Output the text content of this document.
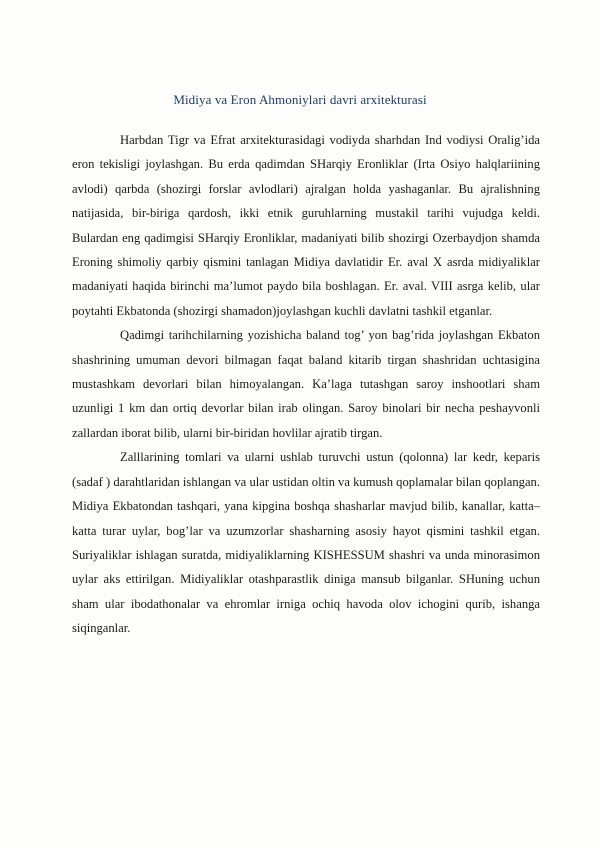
Midiya va Eron Ahmoniylari davri arxitekturasi

Harbdan Tigr va Efrat arxitekturasidagi vodiyda sharhdan Ind vodiysi Oralig’ida eron tekisligi joylashgan. Bu erda qadimdan SHarqiy Eronliklar (Irta Osiyo halqlariining avlodi) qarbda (shozirgi forslar avlodlari) ajralgan holda yashaganlar. Bu ajralishning natijasida, bir-biriga qardosh, ikki etnik guruhlarning mustakil tarihi vujudga keldi. Bulardan eng qadimgisi SHarqiy Eronliklar, madaniyati bilib shozirgi Ozerbaydjon shamda Eroning shimoliy qarbiy qismini tanlagan Midiya davlatidir Er. aval X asrda midiyaliklar madaniyati haqida birinchi ma’lumot paydo bila boshlagan. Er. aval. VIII asrga kelib, ular poytahti Ekbatonda (shozirgi shamadon)joylashgan kuchli davlatni tashkil etganlar.

Qadimgi tarihchilarning yozishicha baland tog’ yon bag’rida joylashgan Ekbaton shashrining umuman devori bilmagan faqat baland kitarib tirgan shashridan uchtasigina mustashkam devorlari bilan himoyalangan. Ka’laga tutashgan saroy inshootlari sham uzunligi 1 km dan ortiq devorlar bilan irab olingan. Saroy binolari bir necha peshayvonli zallardan iborat bilib, ularni bir-biridan hovlilar ajratib tirgan.

Zalllarining tomlari va ularni ushlab turuvchi ustun (qolonna) lar kedr, keparis (sadaf ) darahtlaridan ishlangan va ular ustidan oltin va kumush qoplamalar bilan qoplangan. Midiya Ekbatondan tashqari, yana kipgina boshqa shasharlar mavjud bilib, kanallar, katta–katta turar uylar, bog’lar va uzumzorlar shasharning asosiy hayot qismini tashkil etgan. Suriyaliklar ishlagan suratda, midiyaliklarning KISHESSUM shashri va unda minorasimon uylar aks ettirilgan. Midiyaliklar otashparastlik diniga mansub bilganlar. SHuning uchun sham ular ibodathonalar va ehromlar irniga ochiq havoda olov ichogini qurib, ishanga siqinganlar.
